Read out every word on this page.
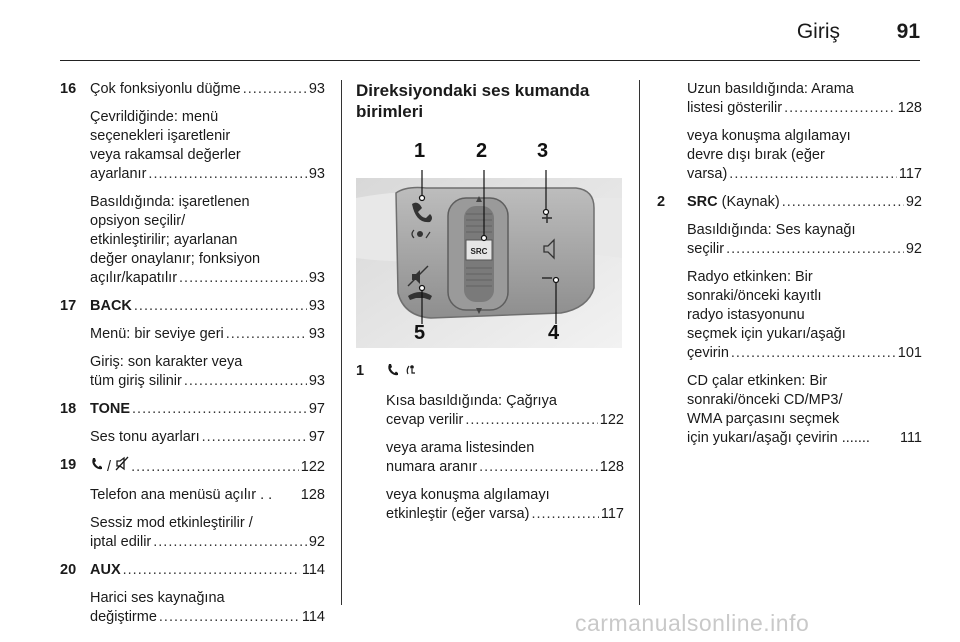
Giriş	91
16 Çok fonksiyonlu düğme .....	93
Çevrildiğinde: menü
seçenekleri işaretlenir
veya rakamsal değerler
ayarlanır .....	93
Basıldığında: işaretlenen
opsiyon seçilir/
etkinleştirilir; ayarlanan
değer onaylanır; fonksiyon
açılır/kapatılır .....	93
17 BACK .....	93
Menü: bir seviye geri .....	93
Giriş: son karakter veya
tüm giriş silinir .....	93
18 TONE .....	97
Ses tonu ayarları .....	97
19 / .....	122
Telefon ana menüsü açılır . . 128
Sessiz mod etkinleştirilir /
iptal edilir .....	92
20 AUX .....	114
Harici ses kaynağına
değiştirme .....	114
Direksiyondaki ses kumanda
birimleri
SRC
1	2 3
4
5
1

Kısa basıldığında: Çağrıya
cevap verilir .....	122
veya arama listesinden
numara aranır .....	128
veya konuşma algılamayı
etkinleştir (eğer varsa) .....	117
Uzun basıldığında: Arama
listesi gösterilir .....	128
veya konuşma algılamayı
devre dışı bırak (eğer
varsa) .....	117
2 SRC (Kaynak) .....	92
Basıldığında: Ses kaynağı
seçilir .....	92
Radyo etkinken: Bir
sonraki/önceki kayıtlı
radyo istasyonunu
seçmek için yukarı/aşağı
çevirin .....	101
CD çalar etkinken: Bir
sonraki/önceki CD/MP3/
WMA parçasını seçmek
için yukarı/aşağı çevirin ....... 111
carmanualsonline.info
